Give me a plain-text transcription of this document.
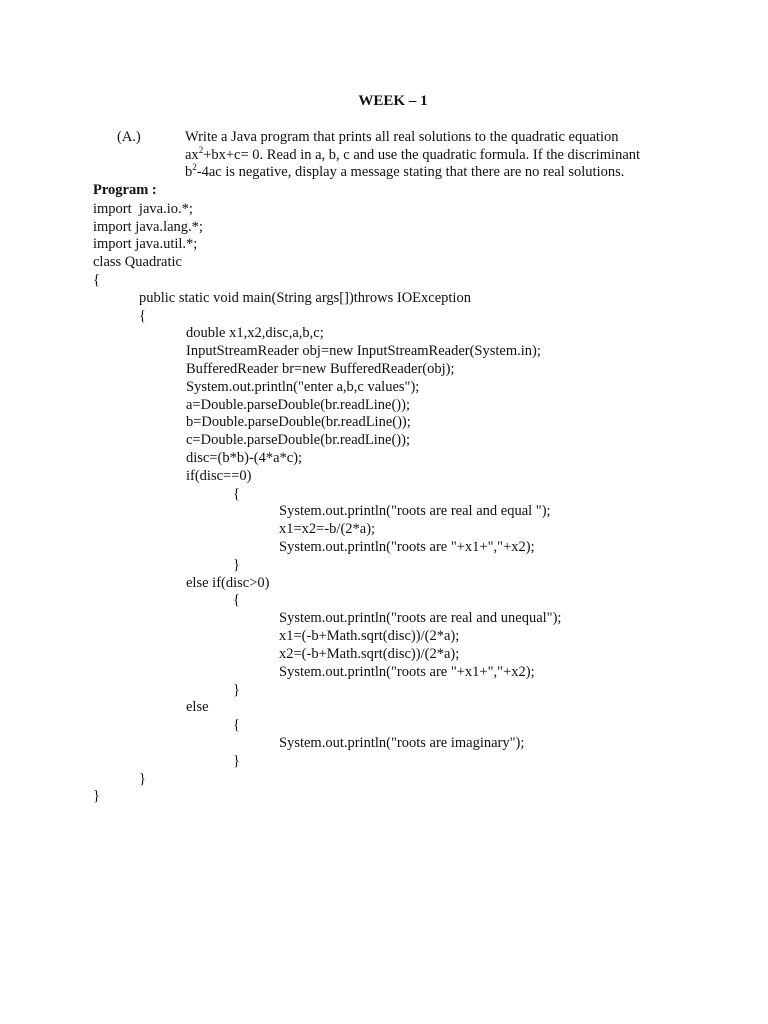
WEEK – 1
(A.)	Write a Java program that prints all real solutions to the quadratic equation
$ax^2+bx+c= 0$. Read in a, b, c and use the quadratic formula. If the discriminant
$b^2-4ac$ is negative, display a message stating that there are no real solutions.
Program :
import  java.io.*;
import java.lang.*;
import java.util.*;
class Quadratic
{
public static void main(String args[])throws IOException
{
double x1,x2,disc,a,b,c;
InputStreamReader obj=new InputStreamReader(System.in);
BufferedReader br=new BufferedReader(obj);
System.out.println("enter a,b,c values");
a=Double.parseDouble(br.readLine());
b=Double.parseDouble(br.readLine());
c=Double.parseDouble(br.readLine());
disc=(b*b)-(4*a*c);
if(disc==0)
{
System.out.println("roots are real and equal ");
x1=x2=-b/(2*a);
System.out.println("roots are "+x1+","+x2);
}
else if(disc>0)
{
System.out.println("roots are real and unequal");
x1=(-b+Math.sqrt(disc))/(2*a);
x2=(-b+Math.sqrt(disc))/(2*a);
System.out.println("roots are "+x1+","+x2);
}
else
{
System.out.println("roots are imaginary");
}
}
}
